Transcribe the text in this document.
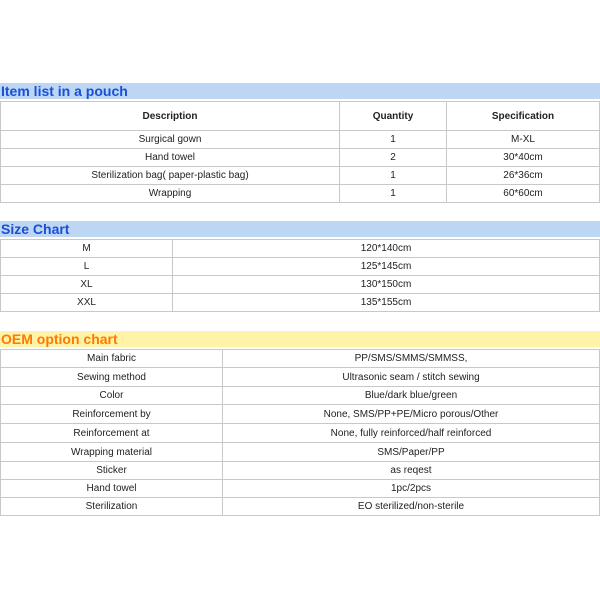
Item list in a pouch
Description	Quantity	Specification
Surgical gown	1	M-XL
Hand towel	2	30*40cm
Sterilization bag( paper-plastic bag)	1	26*36cm
Wrapping	1	60*60cm
Size Chart
M	120*140cm
L	125*145cm
XL	130*150cm
XXL	135*155cm
OEM option chart
Main fabric	PP/SMS/SMMS/SMMSS,
Sewing method	Ultrasonic seam / stitch sewing
Color	Blue/dark blue/green
Reinforcement by	None, SMS/PP+PE/Micro porous/Other
Reinforcement at	None, fully reinforced/half reinforced
Wrapping material	SMS/Paper/PP
Sticker	as reqest
Hand towel	1pc/2pcs
Sterilization	EO sterilized/non-sterile
